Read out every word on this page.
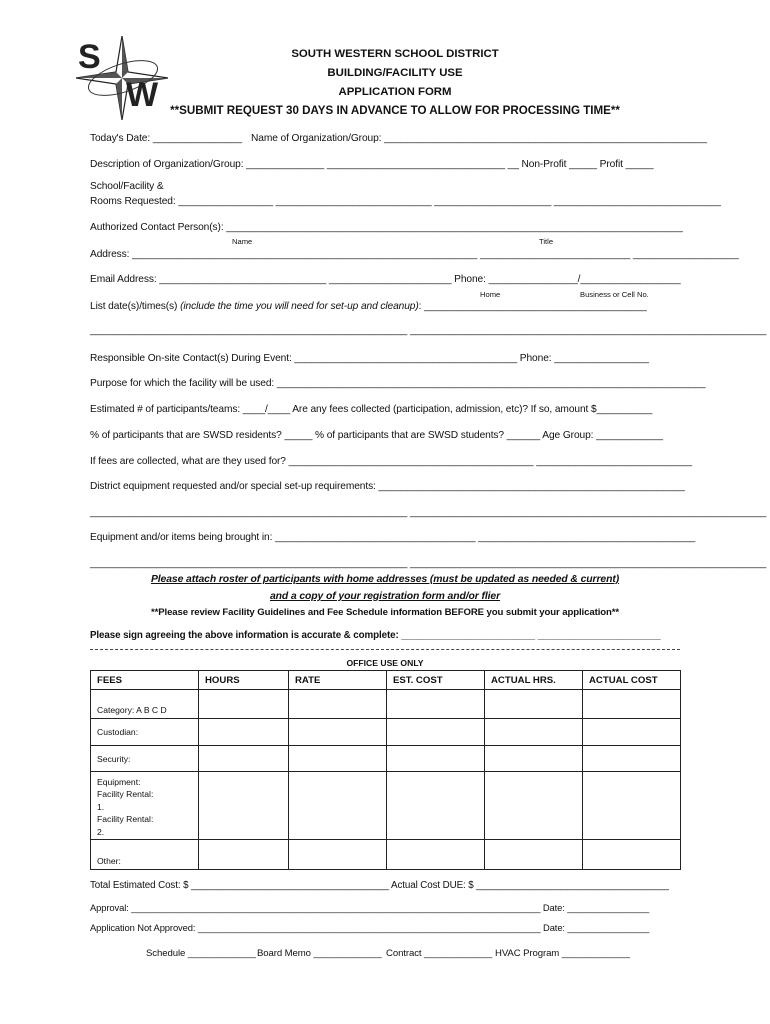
S
W
SOUTH WESTERN SCHOOL DISTRICT
BUILDING/FACILITY USE
APPLICATION FORM
**SUBMIT REQUEST 30 DAYS IN ADVANCE TO ALLOW FOR PROCESSING TIME**
Today's Date: ________________ Name of Organization/Group: __________________________________________________________
Description of Organization/Group: ______________ ________________________________ __ Non-Profit _____ Profit _____
School/Facility &
Rooms Requested: _________________ ____________________________ _____________________ ______________________________
Authorized Contact Person(s): __________________________________________________________________________________
Name	Title
Address: ______________________________________________________________ ___________________________ ___________________
Email Address: ______________________________ ______________________ Phone: ________________/__________________
Home	Business or Cell No.
List date(s)/times(s) (include the time you will need for set-up and cleanup): ________________________________________
_________________________________________________________ ________________________________________________________________
Responsible On-site Contact(s) During Event: ________________________________________ Phone: _________________
Purpose for which the facility will be used: _____________________________________________________________________________
Estimated # of participants/teams: ____/____ Are any fees collected (participation, admission, etc)? If so, amount $__________
% of participants that are SWSD residents? _____ % of participants that are SWSD students? ______ Age Group: ____________
If fees are collected, what are they used for? ____________________________________________ ____________________________
District equipment requested and/or special set-up requirements: _______________________________________________________
_________________________________________________________ ________________________________________________________________
Equipment and/or items being brought in: ____________________________________ _______________________________________
_________________________________________________________ ________________________________________________________________
Please attach roster of participants with home addresses (must be updated as needed & current)
and a copy of your registration form and/or flier
**Please review Facility Guidelines and Fee Schedule information BEFORE you submit your application**
Please sign agreeing the above information is accurate & complete: _________________________ _______________________
OFFICE USE ONLY
FEES	HOURS	RATE	EST. COST	ACTUAL HRS.	ACTUAL COST
Category: A B C D					
Custodian:					
Security:					

Equipment:
Facility Rental:
1.
Facility Rental:
2.					

Other:					
Total Estimated Cost: $ _____________________________________ Actual Cost DUE: $ ____________________________________
Approval: ________________________________________________________________________________ Date: ________________
Application Not Approved: ___________________________________________________________________ Date: ________________
Schedule _____________ Board Memo _____________ Contract _____________ HVAC Program _____________
